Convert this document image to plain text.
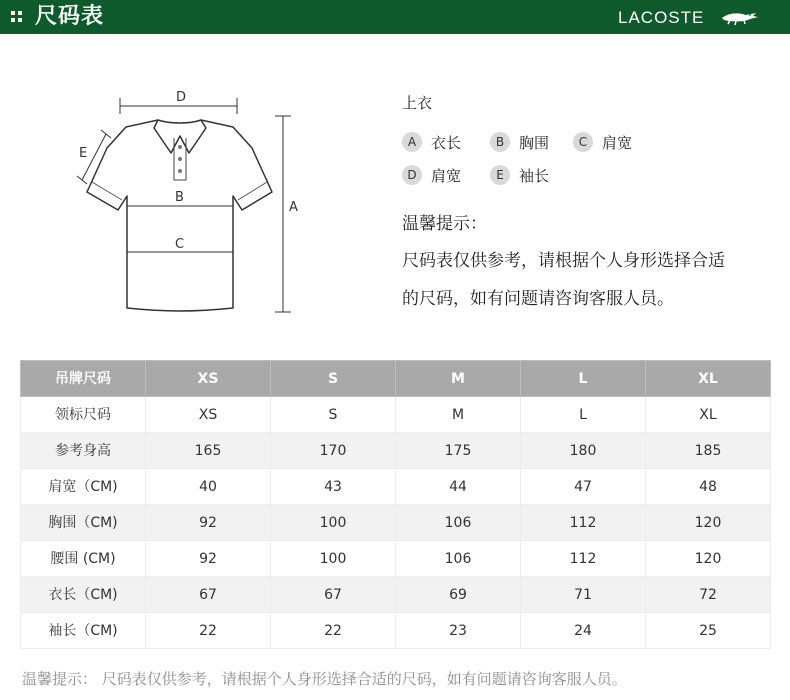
尺码表	LACOSTE
D
A
E
B
C
上衣
A 衣长	B 胸围	C 肩宽
D 肩宽	E	袖长
温馨提示：
尺码表仅供参考，请根据个人身形选择合适
的尺码，如有问题请咨询客服人员。
吊牌尺码	XS	S	M	L	XL
领标尺码	XS	S	M	L	XL
参考身高	165	170	175	180	185
肩宽（CM)	40	43	44	47	48
胸围（CM)	92	100	106	112	120
腰围 (CM)	92	100	106	112	120
衣长（CM)	67	67	69	71	72
袖长（CM)	22	22	23	24	25
温馨提示： 尺码表仅供参考，请根据个人身形选择合适的尺码，如有问题请咨询客服人员。
